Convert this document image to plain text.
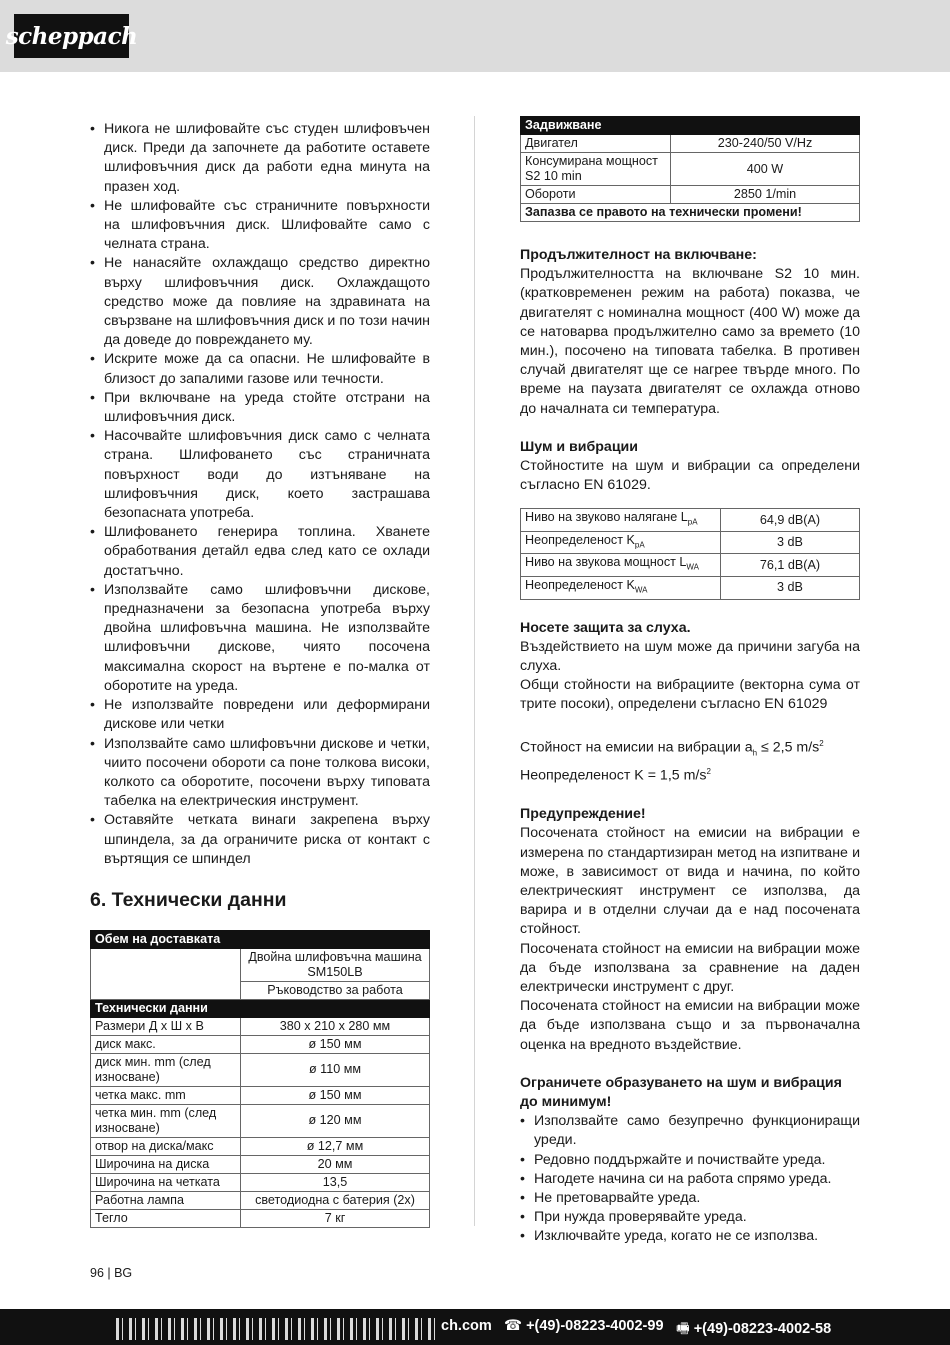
scheppach
• Никога не шлифовайте със студен шлифовъчен диск. Преди да започнете да работите оставете шлифовъчния диск да работи една минута на празен ход.
• Не шлифовайте със страничните повърхности на шлифовъчния диск. Шлифовайте само с челната страна.
• Не нанасяйте охлаждащо средство директно върху шлифовъчния диск. Охлаждащото средство може да повлияе на здравината на свързване на шлифовъчния диск и по този начин да доведе до повреждането му.
• Искрите може да са опасни. Не шлифовайте в близост до запалими газове или течности.
• При включване на уреда стойте отстрани на шлифовъчния диск.
• Насочвайте шлифовъчния диск само с челната страна. Шлифоването със страничната повърхност води до изтъняване на шлифовъчния диск, което застрашава безопасната употреба.
• Шлифоването генерира топлина. Хванете обработвания детайл едва след като се охлади достатъчно.
• Използвайте само шлифовъчни дискове, предназначени за безопасна употреба върху двойна шлифовъчна машина. Не използвайте шлифовъчни дискове, чиято посочена максимална скорост на въртене е по-малка от оборотите на уреда.
• Не използвайте повредени или деформирани дискове или четки
• Използвайте само шлифовъчни дискове и четки, чиито посочени обороти са поне толкова високи, колкото са оборотите, посочени върху типовата табелка на електрическия инструмент.
• Оставяйте четката винаги закрепена върху шпиндела, за да ограничите риска от контакт с въртящия се шпиндел
6. Технически данни
Обем на доставката	
	Двойна шлифовъчна машина SM150LB
	Ръководство за работа
Технически данни	
Размери Д x Ш x В	380 x 210 x 280 мм
диск макс.	ø 150 мм
диск мин. mm (след износване)	ø 110 мм
четка макс. mm	ø 150 мм
четка мин. mm (след износване)	ø 120 мм
отвор на диска/макс	ø 12,7 мм
Широчина на диска	20 мм
Широчина на четката	13,5
Работна лампа	светодиодна с батерия (2x)
Тегло	7 кг
Задвижване	
Двигател	230-240/50 V/Hz
Консумирана мощност S2 10 min	400 W
Обороти	2850 1/min
Запазва се правото на технически промени!	

Продължителност на включване:

Продължителността на включване S2 10 мин. (кратковременен режим на работа) показва, че двигателят с номинална мощност (400 W) може да се натоварва продължително само за времето (10 мин.), посочено на типовата табелка. В противен случай двигателят ще се нагрее твърде много. По време на паузата двигателят се охлажда отново до началната си температура.

Шум и вибрации

Стойностите на шум и вибрации са определени съгласно EN 61029.

Ниво на звуково налягане $L_{pA}$	64,9 dB(A)
Неопределеност $K_{pA}$	3 dB
Ниво на звукова мощност $L_{WA}$	76,1 dB(A)
Неопределеност $K_{WA}$	3 dB

Носете защита за слуха.

Въздействието на шум може да причини загуба на слуха.

Общи стойности на вибрациите (векторна сума от трите посоки), определени съгласно EN 61029

Стойност на емисии на вибрации $a_h \le 2,5$ $m/s^2$

Неопределеност K = 1,5 $m/s^2$

Предупреждение!

Посочената стойност на емисии на вибрации е измерена по стандартизиран метод на изпитване и може, в зависимост от вида и начина, по който електрическият инструмент се използва, да варира и в отделни случаи да е над посочената стойност.

Посочената стойност на емисии на вибрации може да бъде използвана за сравнение на даден електрически инструмент с друг.

Посочената стойност на емисии на вибрации може да бъде използвана също и за първоначална оценка на вредното въздействие.

Ограничете образуването на шум и вибрация до минимум!

• Използвайте само безупречно функциониращи уреди.
• Редовно поддържайте и почиствайте уреда.
• Нагодете начина си на работа спрямо уреда.
• Не претоварвайте уреда.
• При нужда проверявайте уреда.
• Изключвайте уреда, когато не се използва.
96 | BG
ch.com ☎ +(49)-08223-4002-99 🖷 +(49)-08223-4002-58
